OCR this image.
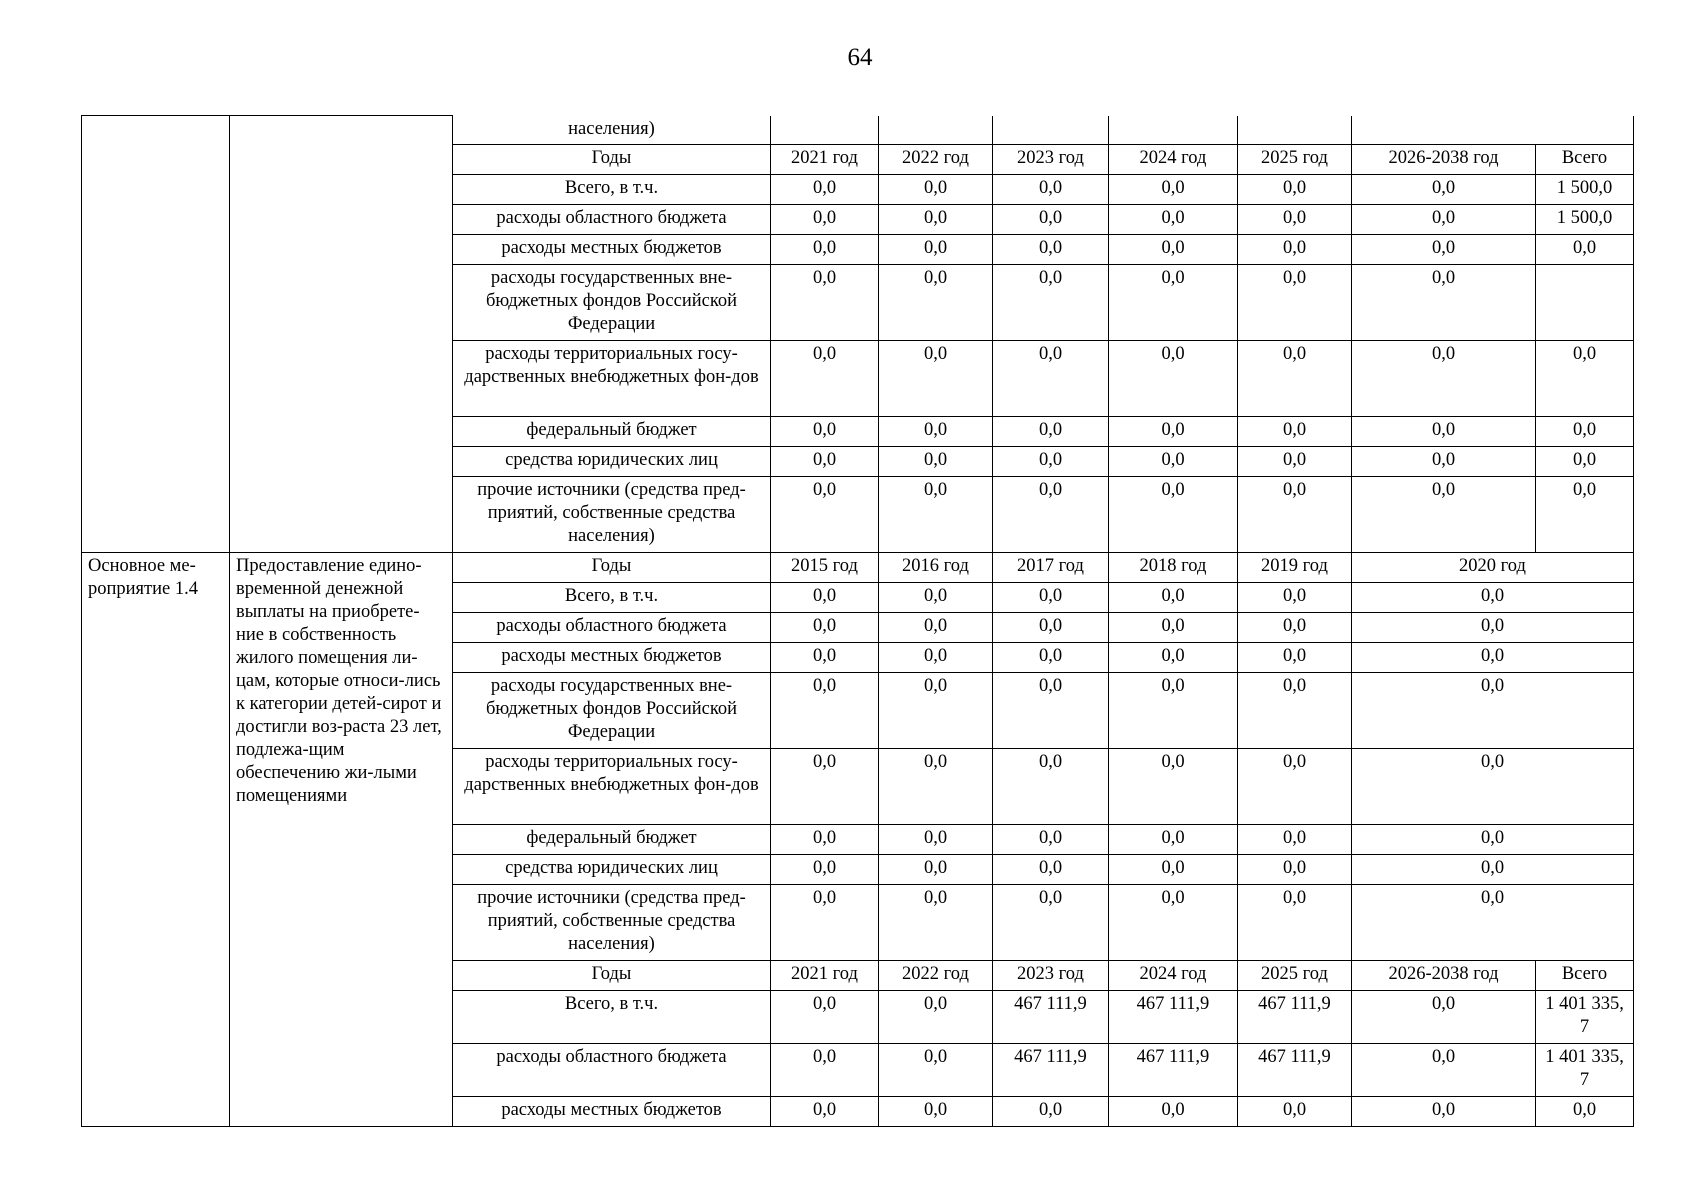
64
		населения)							
		Годы	2021 год	2022 год	2023 год	2024 год	2025 год	2026-2038 год	Всего
		Всего, в т.ч.	0,0	0,0	0,0	0,0	0,0	0,0	1 500,0
		расходы областного бюджета	0,0	0,0	0,0	0,0	0,0	0,0	1 500,0
		расходы местных бюджетов	0,0	0,0	0,0	0,0	0,0	0,0	0,0
		расходы государственных вне-бюджетных фондов Российской Федерации	0,0	0,0	0,0	0,0	0,0	0,0	
		расходы территориальных госу-дарственных внебюджетных фон-дов	0,0	0,0	0,0	0,0	0,0	0,0	0,0
		федеральный бюджет	0,0	0,0	0,0	0,0	0,0	0,0	0,0
		средства юридических лиц	0,0	0,0	0,0	0,0	0,0	0,0	0,0
		прочие источники (средства пред-приятий, собственные средства населения)	0,0	0,0	0,0	0,0	0,0	0,0	0,0
Основное ме-роприятие 1.4	Предоставление едино-временной денежной выплаты на приобрете-ние в собственность жилого помещения ли-цам, которые относи-лись к категории детей-сирот и достигли воз-раста 23 лет, подлежа-щим обеспечению жи-лыми помещениями	Годы	2015 год	2016 год	2017 год	2018 год	2019 год	2020 год	
		Всего, в т.ч.	0,0	0,0	0,0	0,0	0,0	0,0	
		расходы областного бюджета	0,0	0,0	0,0	0,0	0,0	0,0	
		расходы местных бюджетов	0,0	0,0	0,0	0,0	0,0	0,0	
		расходы государственных вне-бюджетных фондов Российской Федерации	0,0	0,0	0,0	0,0	0,0	0,0	
		расходы территориальных госу-дарственных внебюджетных фон-дов	0,0	0,0	0,0	0,0	0,0	0,0	
		федеральный бюджет	0,0	0,0	0,0	0,0	0,0	0,0	
		средства юридических лиц	0,0	0,0	0,0	0,0	0,0	0,0	
		прочие источники (средства пред-приятий, собственные средства населения)	0,0	0,0	0,0	0,0	0,0	0,0	
		Годы	2021 год	2022 год	2023 год	2024 год	2025 год	2026-2038 год	Всего
		Всего, в т.ч.	0,0	0,0	467 111,9	467 111,9	467 111,9	0,0	1 401 335, 7
		расходы областного бюджета	0,0	0,0	467 111,9	467 111,9	467 111,9	0,0	1 401 335, 7
		расходы местных бюджетов	0,0	0,0	0,0	0,0	0,0	0,0	0,0
